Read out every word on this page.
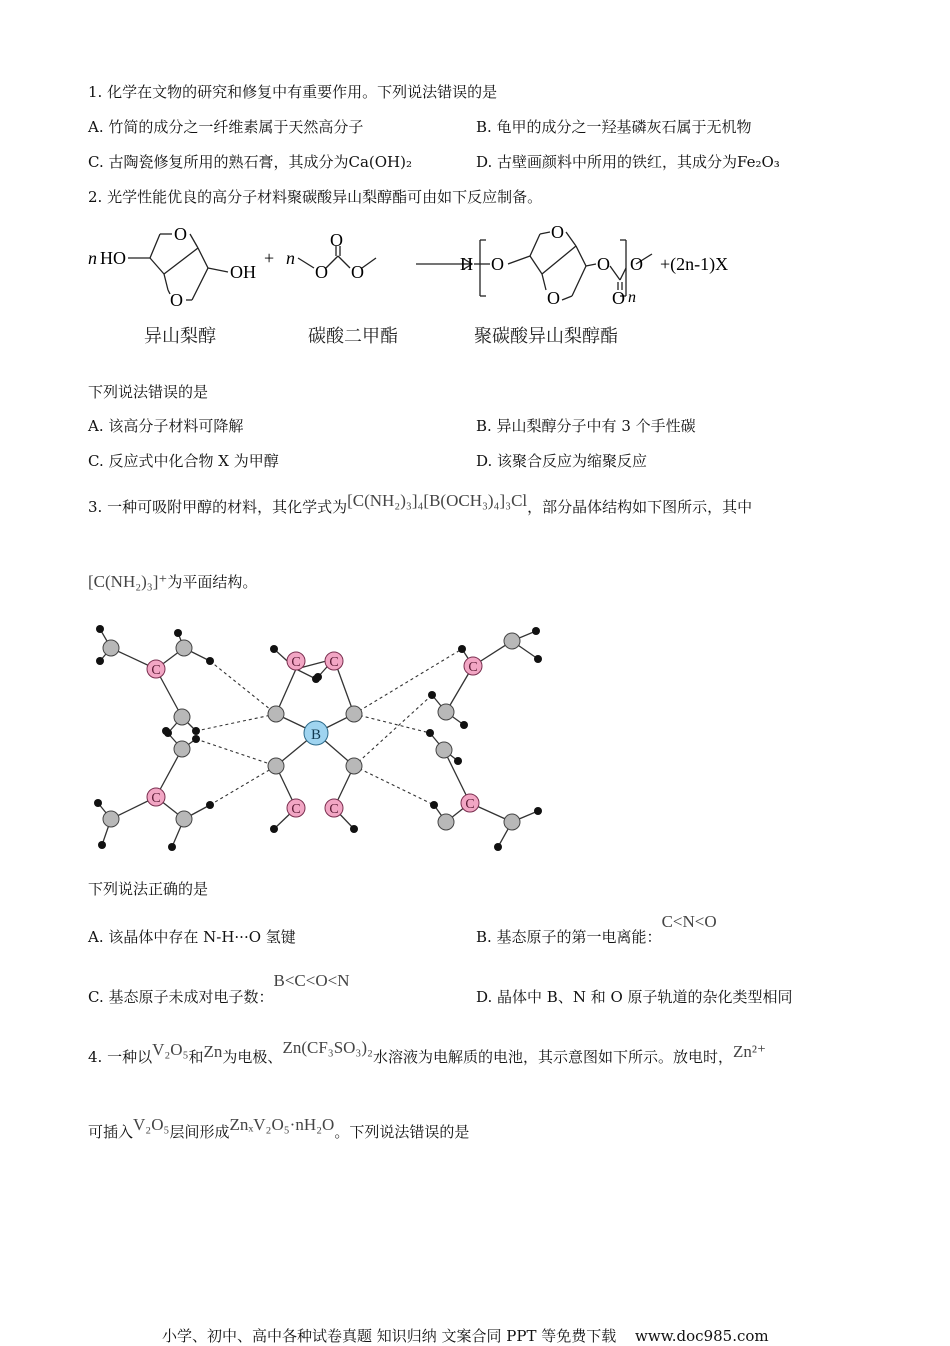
1. 化学在文物的研究和修复中有重要作用。下列说法错误的是
A. 竹简的成分之一纤维素属于天然高分子	B. 龟甲的成分之一羟基磷灰石属于无机物
C. 古陶瓷修复所用的熟石膏，其成分为Ca(OH)₂	D. 古壁画颜料中所用的铁红，其成分为Fe₂O₃
2. 光学性能优良的高分子材料聚碳酸异山梨醇酯可由如下反应制备。
n HO
O
O
OH
+ n
O
O
O	H O
O
O
O
O
O
n
+(2n-1)X
异山梨醇	碳酸二甲酯	聚碳酸异山梨醇酯
下列说法错误的是
A. 该高分子材料可降解	B. 异山梨醇分子中有 3 个手性碳
C. 反应式中化合物 X 为甲醇	D. 该聚合反应为缩聚反应
3. 一种可吸附甲醇的材料，其化学式为[C(NH₂)₃]₄[B(OCH₃)₄]₃Cl，部分晶体结构如下图所示，其中
[C(NH₂)₃]⁺为平面结构。
C
C
C C
C C
C
C
B
下列说法正确的是
A. 该晶体中存在 N-H···O 氢键	B. 基态原子的第一电离能：C<N<O
C. 基态原子未成对电子数：B<C<O<N
D. 晶体中 B、N 和 O 原子轨道的杂化类型相同
4. 一种以V₂O₅和Zn为电极、Zn(CF₃SO₃)₂水溶液为电解质的电池，其示意图如下所示。放电时，Zn²⁺
可插入V₂O₅层间形成ZnₓV₂O₅·nH₂O。下列说法错误的是
小学、初中、高中各种试卷真题 知识归纳 文案合同 PPT 等免费下载 www.doc985.com
